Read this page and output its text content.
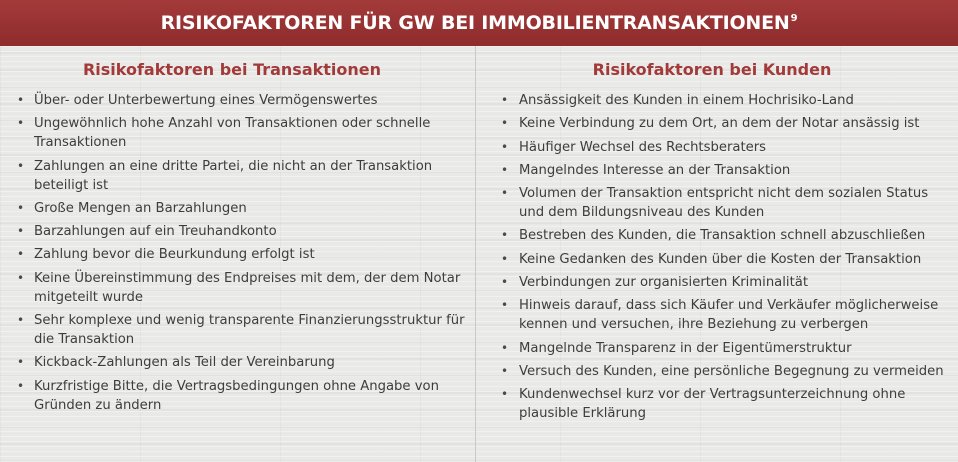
RISIKOFAKTOREN FÜR GW BEI IMMOBILIENTRANSAKTIONEN$^9$
Risikofaktoren bei Transaktionen
• Über- oder Unterbewertung eines Vermögenswertes
• Ungewöhnlich hohe Anzahl von Transaktionen oder schnelle Transaktionen
• Zahlungen an eine dritte Partei, die nicht an der Transaktion beteiligt ist
• Große Mengen an Barzahlungen
• Barzahlungen auf ein Treuhandkonto
• Zahlung bevor die Beurkundung erfolgt ist
• Keine Übereinstimmung des Endpreises mit dem, der dem Notar mitgeteilt wurde
• Sehr komplexe und wenig transparente Finanzierungsstruktur für die Transaktion
• Kickback-Zahlungen als Teil der Vereinbarung
• Kurzfristige Bitte, die Vertragsbedingungen ohne Angabe von Gründen zu ändern
Risikofaktoren bei Kunden
• Ansässigkeit des Kunden in einem Hochrisiko-Land
• Keine Verbindung zu dem Ort, an dem der Notar ansässig ist
• Häufiger Wechsel des Rechtsberaters
• Mangelndes Interesse an der Transaktion
• Volumen der Transaktion entspricht nicht dem sozialen Status und dem Bildungsniveau des Kunden
• Bestreben des Kunden, die Transaktion schnell abzuschließen
• Keine Gedanken des Kunden über die Kosten der Transaktion
• Verbindungen zur organisierten Kriminalität
• Hinweis darauf, dass sich Käufer und Verkäufer möglicherweise kennen und versuchen, ihre Beziehung zu verbergen
• Mangelnde Transparenz in der Eigentümerstruktur
• Versuch des Kunden, eine persönliche Begegnung zu vermeiden
• Kundenwechsel kurz vor der Vertragsunterzeichnung ohne plausible Erklärung
